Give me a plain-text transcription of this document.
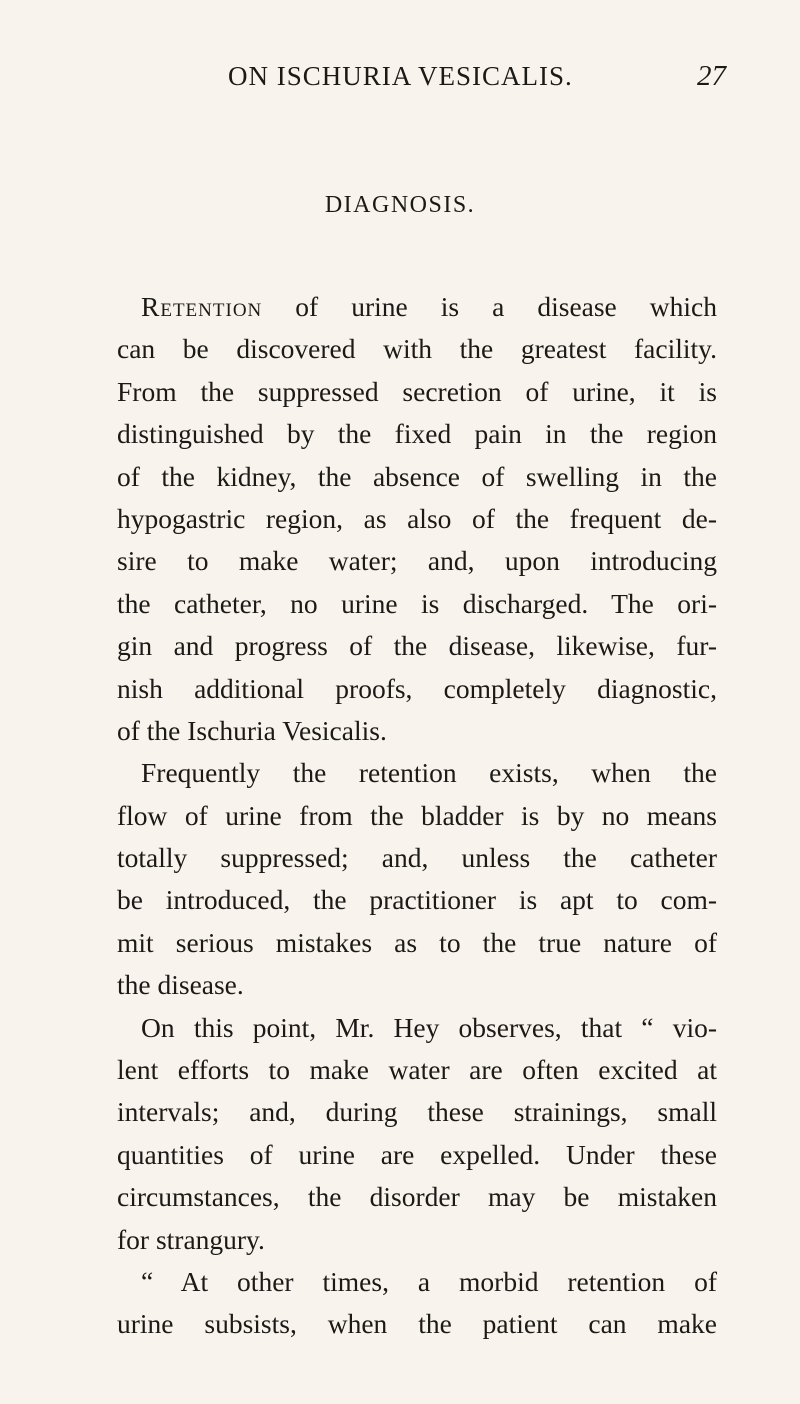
ON ISCHURIA VESICALIS.	27
DIAGNOSIS.
Retention of urine is a disease which
can be discovered with the greatest facility.
From the suppressed secretion of urine, it is
distinguished by the fixed pain in the region
of the kidney, the absence of swelling in the
hypogastric region, as also of the frequent de-
sire to make water; and, upon introducing
the catheter, no urine is discharged. The ori-
gin and progress of the disease, likewise, fur-
nish additional proofs, completely diagnostic,
of the Ischuria Vesicalis.
Frequently the retention exists, when the
flow of urine from the bladder is by no means
totally suppressed; and, unless the catheter
be introduced, the practitioner is apt to com-
mit serious mistakes as to the true nature of
the disease.
On this point, Mr. Hey observes, that “ vio-
lent efforts to make water are often excited at
intervals; and, during these strainings, small
quantities of urine are expelled. Under these
circumstances, the disorder may be mistaken
for strangury.
“ At other times, a morbid retention of
urine subsists, when the patient can make
